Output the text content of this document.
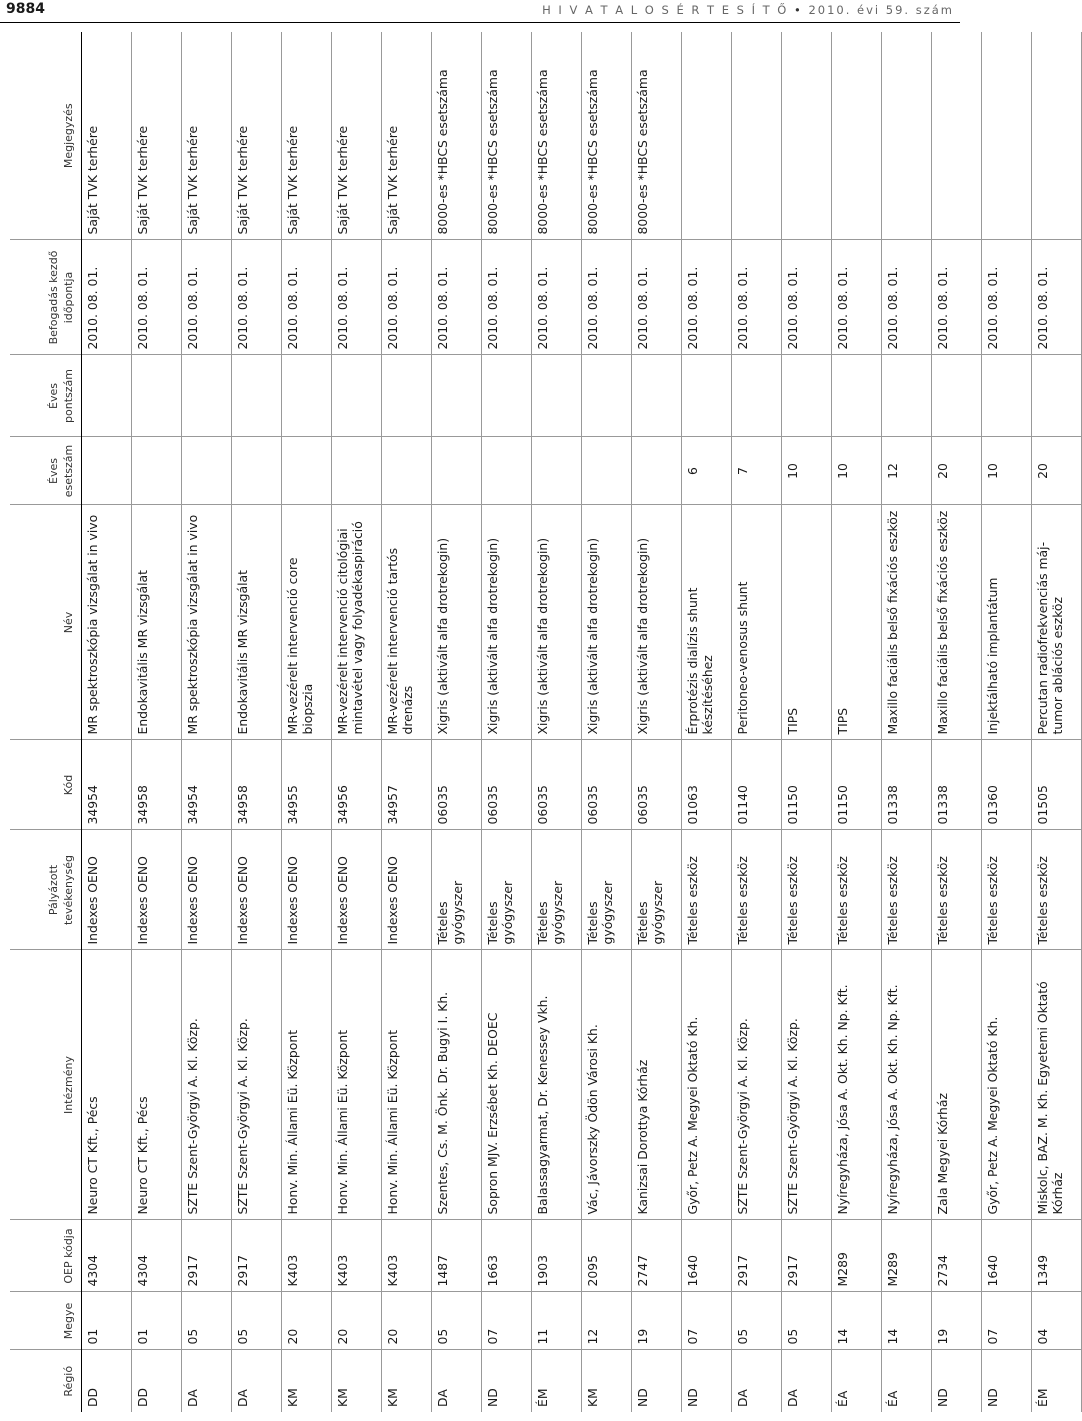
9884	H I V A T A L O S É R T E S Í T Ő • 2010. évi 59. szám
Régió	Megye	OEP kódja	Intézmény	Pályázott tevékenység	Kód	Név	Éves esetszám	Éves pontszám	Befogadás kezdő időpontja	Megjegyzés
DD	01	4304	Neuro CT Kft., Pécs	Indexes OENO	34954	MR spektroszkópia vizsgálat in vivo			2010. 08. 01.	Saját TVK terhére
DD	01	4304	Neuro CT Kft., Pécs	Indexes OENO	34958	Endokavitális MR vizsgálat			2010. 08. 01.	Saját TVK terhére
DA	05	2917	SZTE Szent-Györgyi A. Kl. Közp.	Indexes OENO	34954	MR spektroszkópia vizsgálat in vivo			2010. 08. 01.	Saját TVK terhére
DA	05	2917	SZTE Szent-Györgyi A. Kl. Közp.	Indexes OENO	34958	Endokavitális MR vizsgálat			2010. 08. 01.	Saját TVK terhére
KM	20	K403	Honv. Min. Állami Eü. Központ	Indexes OENO	34955	MR-vezérelt intervenció core biopszia			2010. 08. 01.	Saját TVK terhére
KM	20	K403	Honv. Min. Állami Eü. Központ	Indexes OENO	34956	MR-vezérelt intervenció citológiai mintavétel vagy folyadékaspiráció			2010. 08. 01.	Saját TVK terhére
KM	20	K403	Honv. Min. Állami Eü. Központ	Indexes OENO	34957	MR-vezérelt intervenció tartós drenázs			2010. 08. 01.	Saját TVK terhére
DA	05	1487	Szentes, Cs. M. Önk. Dr. Bugyi I. Kh.	Tételes gyógyszer	06035	Xigris (aktivált alfa drotrekogin)			2010. 08. 01.	8000-es *HBCS esetszáma
ND	07	1663	Sopron MJV. Erzsébet Kh. DEOEC	Tételes gyógyszer	06035	Xigris (aktivált alfa drotrekogin)			2010. 08. 01.	8000-es *HBCS esetszáma
ÉM	11	1903	Balassagyarmat, Dr. Kenessey Vkh.	Tételes gyógyszer	06035	Xigris (aktivált alfa drotrekogin)			2010. 08. 01.	8000-es *HBCS esetszáma
KM	12	2095	Vác, Jávorszky Ödön Városi Kh.	Tételes gyógyszer	06035	Xigris (aktivált alfa drotrekogin)			2010. 08. 01.	8000-es *HBCS esetszáma
ND	19	2747	Kanizsai Dorottya Kórház	Tételes gyógyszer	06035	Xigris (aktivált alfa drotrekogin)			2010. 08. 01.	8000-es *HBCS esetszáma
ND	07	1640	Győr, Petz A. Megyei Oktató Kh.	Tételes eszköz	01063	Érprotézis dialízis shunt készítéséhez	6		2010. 08. 01.	
DA	05	2917	SZTE Szent-Györgyi A. Kl. Közp.	Tételes eszköz	01140	Peritoneo-venosus shunt	7		2010. 08. 01.	
DA	05	2917	SZTE Szent-Györgyi A. Kl. Közp.	Tételes eszköz	01150	TIPS	10		2010. 08. 01.	
ÉA	14	M289	Nyíregyháza, Jósa A. Okt. Kh. Np. Kft.	Tételes eszköz	01150	TIPS	10		2010. 08. 01.	
ÉA	14	M289	Nyíregyháza, Jósa A. Okt. Kh. Np. Kft.	Tételes eszköz	01338	Maxillo faciális belső fixációs eszköz	12		2010. 08. 01.	
ND	19	2734	Zala Megyei Kórház	Tételes eszköz	01338	Maxillo faciális belső fixációs eszköz	20		2010. 08. 01.	
ND	07	1640	Győr, Petz A. Megyei Oktató Kh.	Tételes eszköz	01360	Injektálható implantátum	10		2010. 08. 01.	
ÉM	04	1349	Miskolc, BAZ. M. Kh. Egyetemi Oktató Kórház	Tételes eszköz	01505	Percutan radiofrekvenciás máj-tumor ablációs eszköz	20		2010. 08. 01.	
